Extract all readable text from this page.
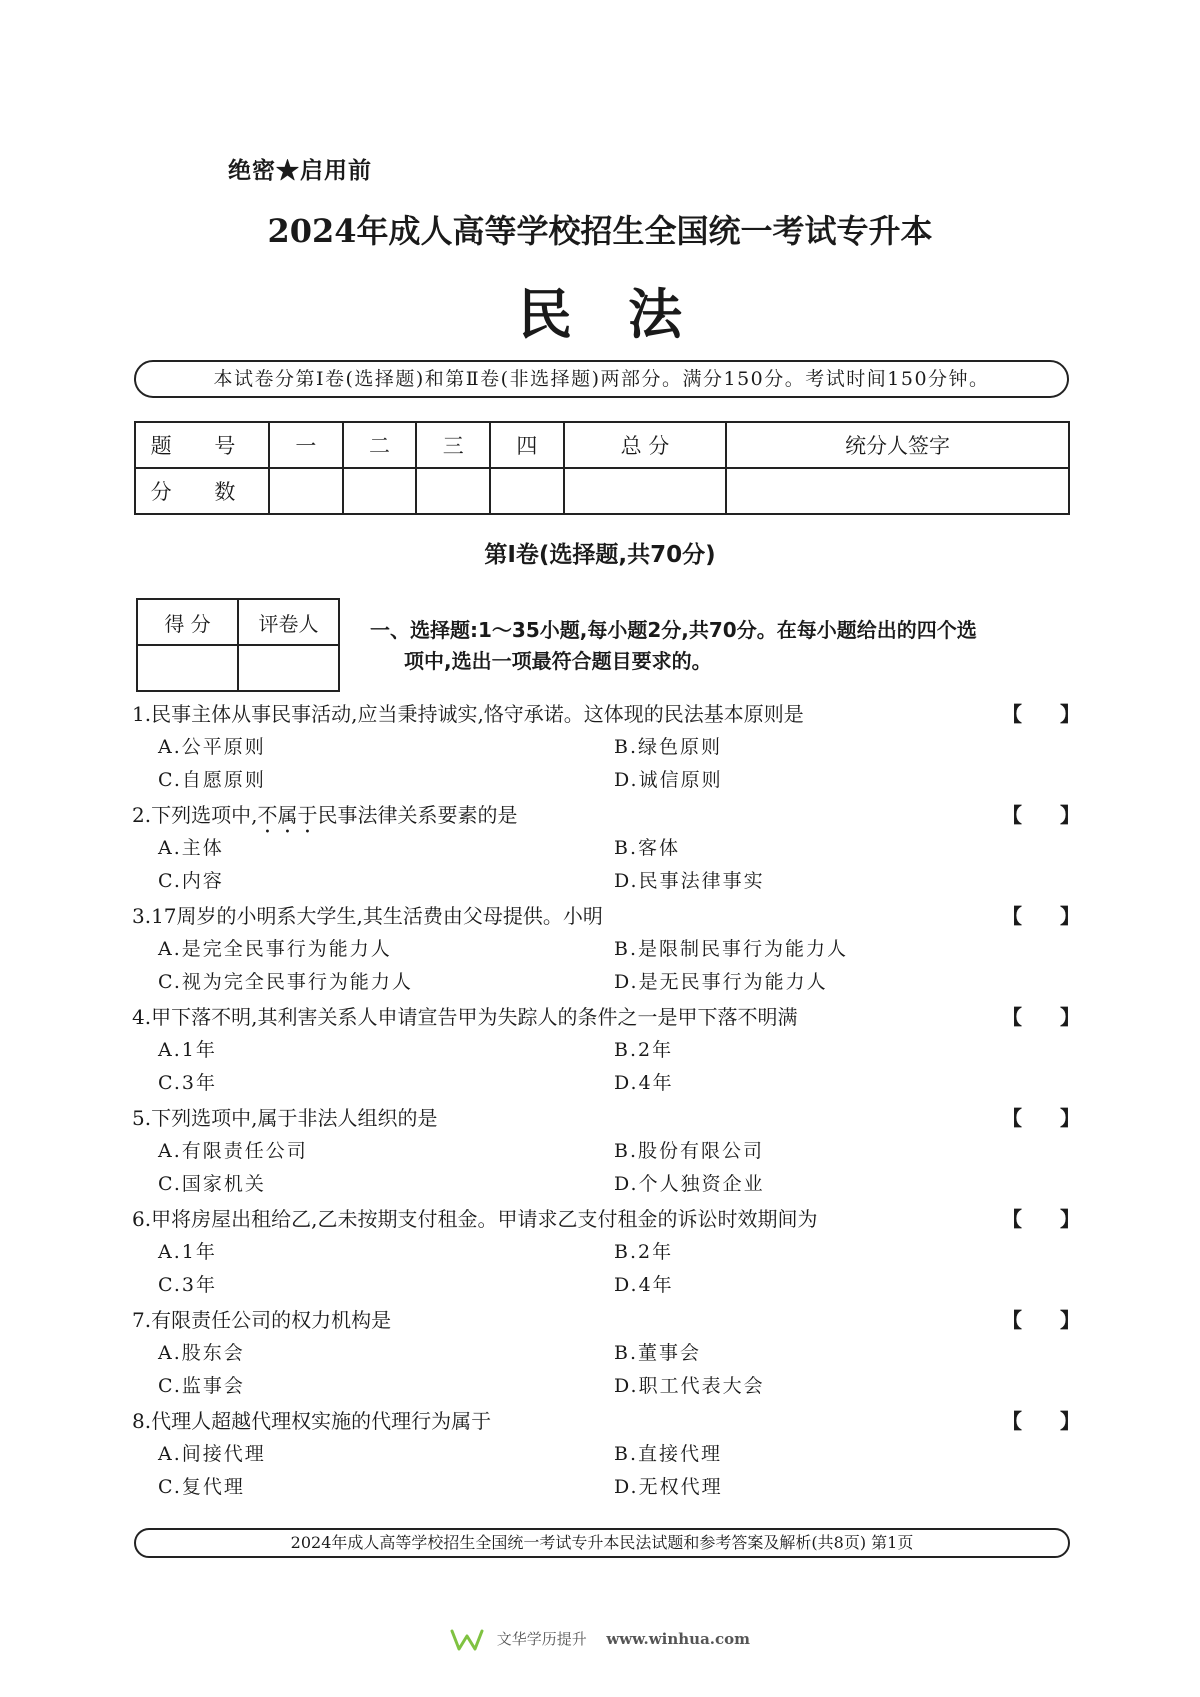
绝密★启用前
2024年成人高等学校招生全国统一考试专升本
民法
本试卷分第Ⅰ卷(选择题)和第Ⅱ卷(非选择题)两部分。满分150分。考试时间150分钟。
题 号	一	二	三	四	总 分	统分人签字
分 数						
第Ⅰ卷(选择题,共70分)
得 分	评卷人
		一、选择题:1～35小题,每小题2分,共70分。在每小题给出的四个选
项中,选出一项最符合题目要求的。
1.民事主体从事民事活动,应当秉持诚实,恪守承诺。这体现的民法基本原则是	【 】
A.公平原则	B.绿色原则
C.自愿原则	D.诚信原则
2.下列选项中,不属于民事法律关系要素的是	【 】
A.主体	B.客体
C.内容	D.民事法律事实
3.17周岁的小明系大学生,其生活费由父母提供。小明	【 】
A.是完全民事行为能力人	B.是限制民事行为能力人
C.视为完全民事行为能力人	D.是无民事行为能力人
4.甲下落不明,其利害关系人申请宣告甲为失踪人的条件之一是甲下落不明满	【 】
A.1年	B.2年
C.3年	D.4年
5.下列选项中,属于非法人组织的是	【 】
A.有限责任公司	B.股份有限公司
C.国家机关	D.个人独资企业
6.甲将房屋出租给乙,乙未按期支付租金。甲请求乙支付租金的诉讼时效期间为	【 】
A.1年	B.2年
C.3年	D.4年
7.有限责任公司的权力机构是	【 】
A.股东会	B.董事会
C.监事会	D.职工代表大会
8.代理人超越代理权实施的代理行为属于	【 】
A.间接代理	B.直接代理
C.复代理	D.无权代理
2024年成人高等学校招生全国统一考试专升本民法试题和参考答案及解析(共8页) 第1页
文华学历提升 www.winhua.com
